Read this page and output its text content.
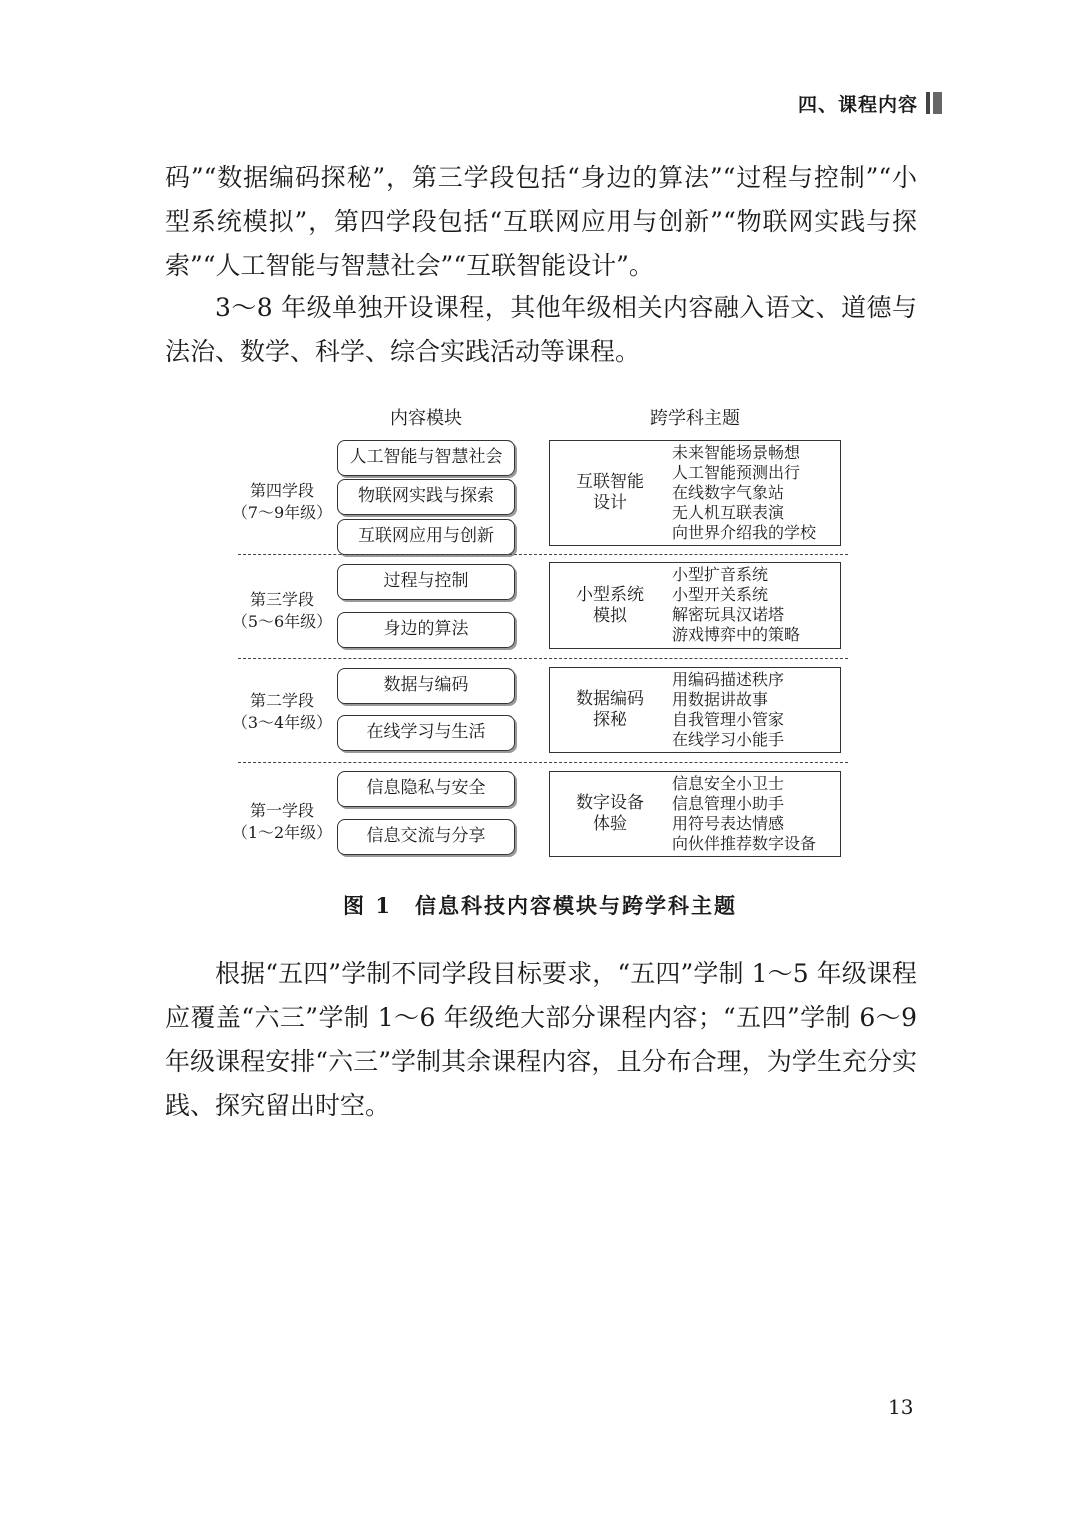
四、课程内容

码”“数据编码探秘”，第三学段包括“身边的算法”“过程与控制”“小型系统模拟”，第四学段包括“互联网应用与创新”“物联网实践与探索”“人工智能与智慧社会”“互联智能设计”。

3～8 年级单独开设课程，其他年级相关内容融入语文、道德与法治、数学、科学、综合实践活动等课程。

内容模块	跨学科主题
第四学段
（7～9年级）
人工智能与智慧社会
物联网实践与探索
互联网应用与创新
互联智能
设计
未来智能场景畅想
人工智能预测出行
在线数字气象站
无人机互联表演
向世界介绍我的学校
第三学段
（5～6年级）
过程与控制
身边的算法
小型系统
模拟
小型扩音系统
小型开关系统
解密玩具汉诺塔
游戏博弈中的策略
第二学段
（3～4年级）
数据与编码
在线学习与生活
数据编码
探秘
用编码描述秩序
用数据讲故事
自我管理小管家
在线学习小能手
第一学段
（1～2年级）
信息隐私与安全
信息交流与分享
数字设备
体验
信息安全小卫士
信息管理小助手
用符号表达情感
向伙伴推荐数字设备
图 1　信息科技内容模块与跨学科主题

根据“五四”学制不同学段目标要求，“五四”学制 1～5 年级课程应覆盖“六三”学制 1～6 年级绝大部分课程内容；“五四”学制 6～9 年级课程安排“六三”学制其余课程内容，且分布合理，为学生充分实践、探究留出时空。

13
